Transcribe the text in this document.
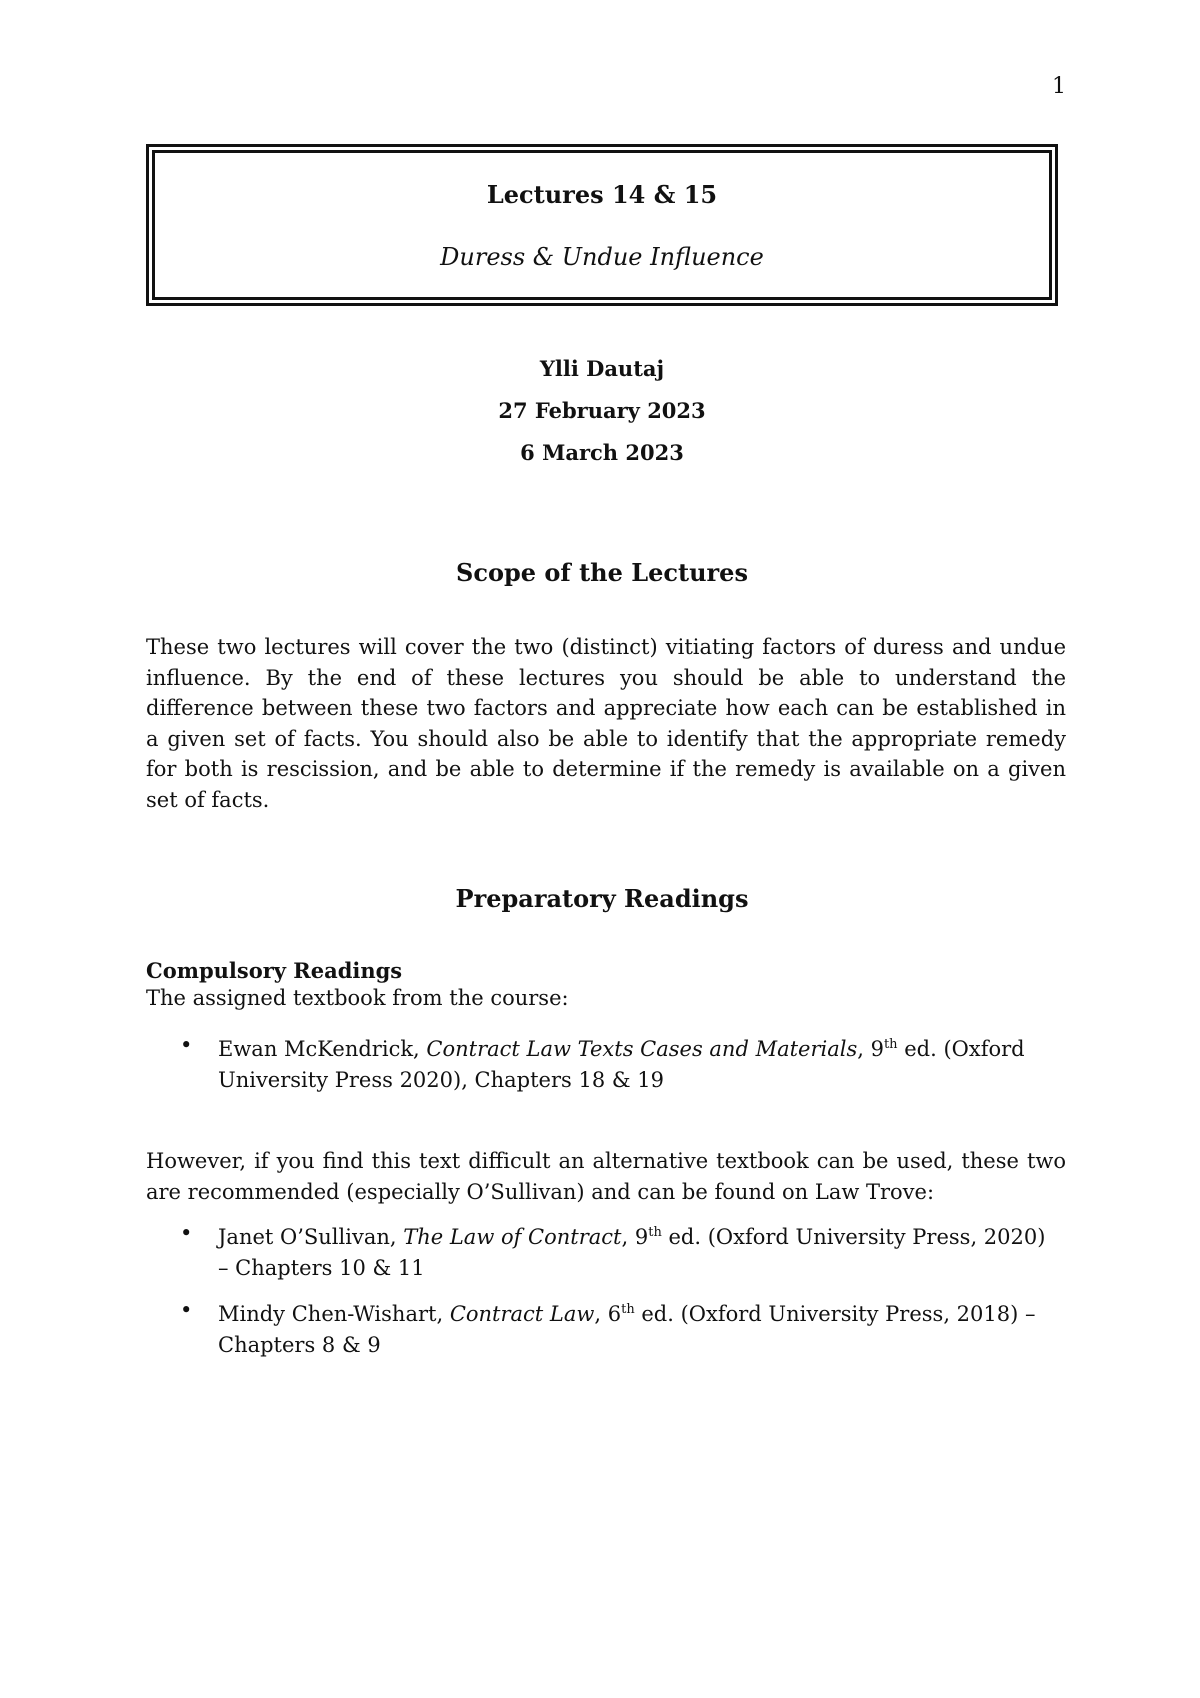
1
Lectures 14 & 15
Duress & Undue Influence
Ylli Dautaj
27 February 2023
6 March 2023
Scope of the Lectures
These two lectures will cover the two (distinct) vitiating factors of duress and undue influence. By the end of these lectures you should be able to understand the difference between these two factors and appreciate how each can be established in a given set of facts. You should also be able to identify that the appropriate remedy for both is rescission, and be able to determine if the remedy is available on a given set of facts.
Preparatory Readings
Compulsory Readings
The assigned textbook from the course:
• Ewan McKendrick, Contract Law Texts Cases and Materials, 9th ed. (Oxford University Press 2020), Chapters 18 & 19
However, if you find this text difficult an alternative textbook can be used, these two are recommended (especially O’Sullivan) and can be found on Law Trove:
• Janet O’Sullivan, The Law of Contract, 9th ed. (Oxford University Press, 2020) – Chapters 10 & 11
• Mindy Chen-Wishart, Contract Law, 6th ed. (Oxford University Press, 2018) – Chapters 8 & 9
